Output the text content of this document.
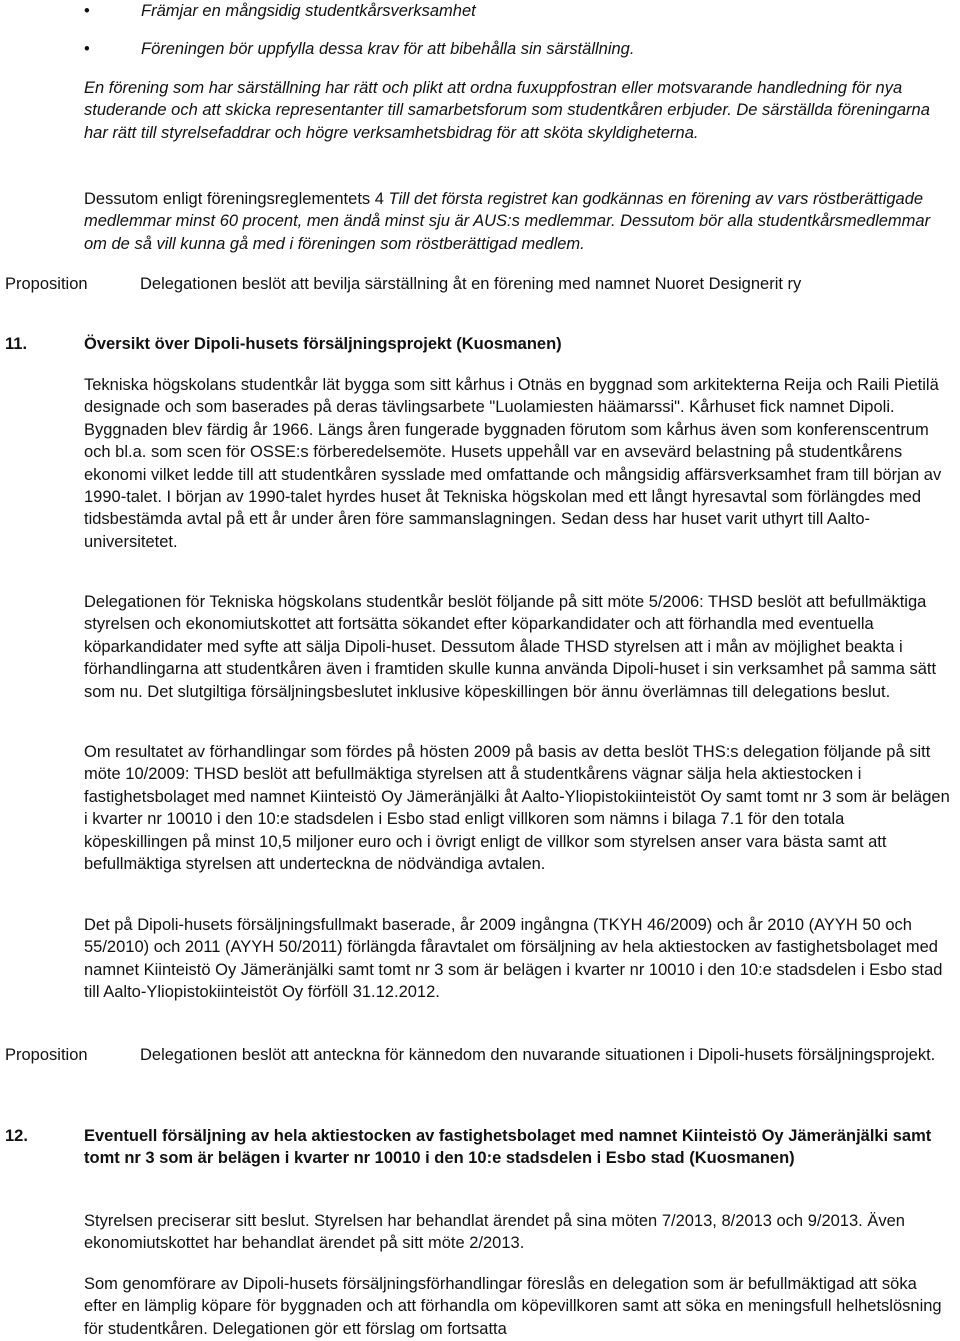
•	Främjar en mångsidig studentkårsverksamhet
•	Föreningen bör uppfylla dessa krav för att bibehålla sin särställning.

En förening som har särställning har rätt och plikt att ordna fuxuppfostran eller motsvarande handledning för nya studerande och att skicka representanter till samarbetsforum som studentkåren erbjuder. De särställda föreningarna har rätt till styrelsefaddrar och högre verksamhetsbidrag för att sköta skyldigheterna.

Dessutom enligt föreningsreglementets 4 Till det första registret kan godkännas en förening av vars röstberättigade medlemmar minst 60 procent, men ändå minst sju är AUS:s medlemmar. Dessutom bör alla studentkårsmedlemmar om de så vill kunna gå med i föreningen som röstberättigad medlem.

Proposition	Delegationen beslöt att bevilja särställning åt en förening med namnet Nuoret Designerit ry

11.	Översikt över Dipoli-husets försäljningsprojekt (Kuosmanen)

Tekniska högskolans studentkår lät bygga som sitt kårhus i Otnäs en byggnad som arkitekterna Reija och Raili Pietilä designade och som baserades på deras tävlingsarbete "Luolamiesten häämarssi". Kårhuset fick namnet Dipoli. Byggnaden blev färdig år 1966. Längs åren fungerade byggnaden förutom som kårhus även som konferenscentrum och bl.a. som scen för OSSE:s förberedelsemöte. Husets uppehåll var en avsevärd belastning på studentkårens ekonomi vilket ledde till att studentkåren sysslade med omfattande och mångsidig affärsverksamhet fram till början av 1990-talet. I början av 1990-talet hyrdes huset åt Tekniska högskolan med ett långt hyresavtal som förlängdes med tidsbestämda avtal på ett år under åren före sammanslagningen. Sedan dess har huset varit uthyrt till Aalto-universitetet.

Delegationen för Tekniska högskolans studentkår beslöt följande på sitt möte 5/2006: THSD beslöt att befullmäktiga styrelsen och ekonomiutskottet att fortsätta sökandet efter köparkandidater och att förhandla med eventuella köparkandidater med syfte att sälja Dipoli-huset. Dessutom ålade THSD styrelsen att i mån av möjlighet beakta i förhandlingarna att studentkåren även i framtiden skulle kunna använda Dipoli-huset i sin verksamhet på samma sätt som nu. Det slutgiltiga försäljningsbeslutet inklusive köpeskillingen bör ännu överlämnas till delegations beslut.

Om resultatet av förhandlingar som fördes på hösten 2009 på basis av detta beslöt THS:s delegation följande på sitt möte 10/2009: THSD beslöt att befullmäktiga styrelsen att å studentkårens vägnar sälja hela aktiestocken i fastighetsbolaget med namnet Kiinteistö Oy Jämeränjälki åt Aalto-Yliopistokiinteistöt Oy samt tomt nr 3 som är belägen i kvarter nr 10010 i den 10:e stadsdelen i Esbo stad enligt villkoren som nämns i bilaga 7.1 för den totala köpeskillingen på minst 10,5 miljoner euro och i övrigt enligt de villkor som styrelsen anser vara bästa samt att befullmäktiga styrelsen att underteckna de nödvändiga avtalen.

Det på Dipoli-husets försäljningsfullmakt baserade, år 2009 ingångna (TKYH 46/2009) och år 2010 (AYYH 50 och 55/2010) och 2011 (AYYH 50/2011) förlängda fåravtalet om försäljning av hela aktiestocken av fastighetsbolaget med namnet Kiinteistö Oy Jämeränjälki samt tomt nr 3 som är belägen i kvarter nr 10010 i den 10:e stadsdelen i Esbo stad till Aalto-Yliopistokiinteistöt Oy förföll 31.12.2012.

Proposition	Delegationen beslöt att anteckna för kännedom den nuvarande situationen i Dipoli-husets försäljningsprojekt.

12.	Eventuell försäljning av hela aktiestocken av fastighetsbolaget med namnet Kiinteistö Oy Jämeränjälki samt tomt nr 3 som är belägen i kvarter nr 10010 i den 10:e stadsdelen i Esbo stad (Kuosmanen)

Styrelsen preciserar sitt beslut. Styrelsen har behandlat ärendet på sina möten 7/2013, 8/2013 och 9/2013. Även ekonomiutskottet har behandlat ärendet på sitt möte 2/2013.

Som genomförare av Dipoli-husets försäljningsförhandlingar föreslås en delegation som är befullmäktigad att söka efter en lämplig köpare för byggnaden och att förhandla om köpevillkoren samt att söka en meningsfull helhetslösning för studentkåren. Delegationen gör ett förslag om fortsatta
